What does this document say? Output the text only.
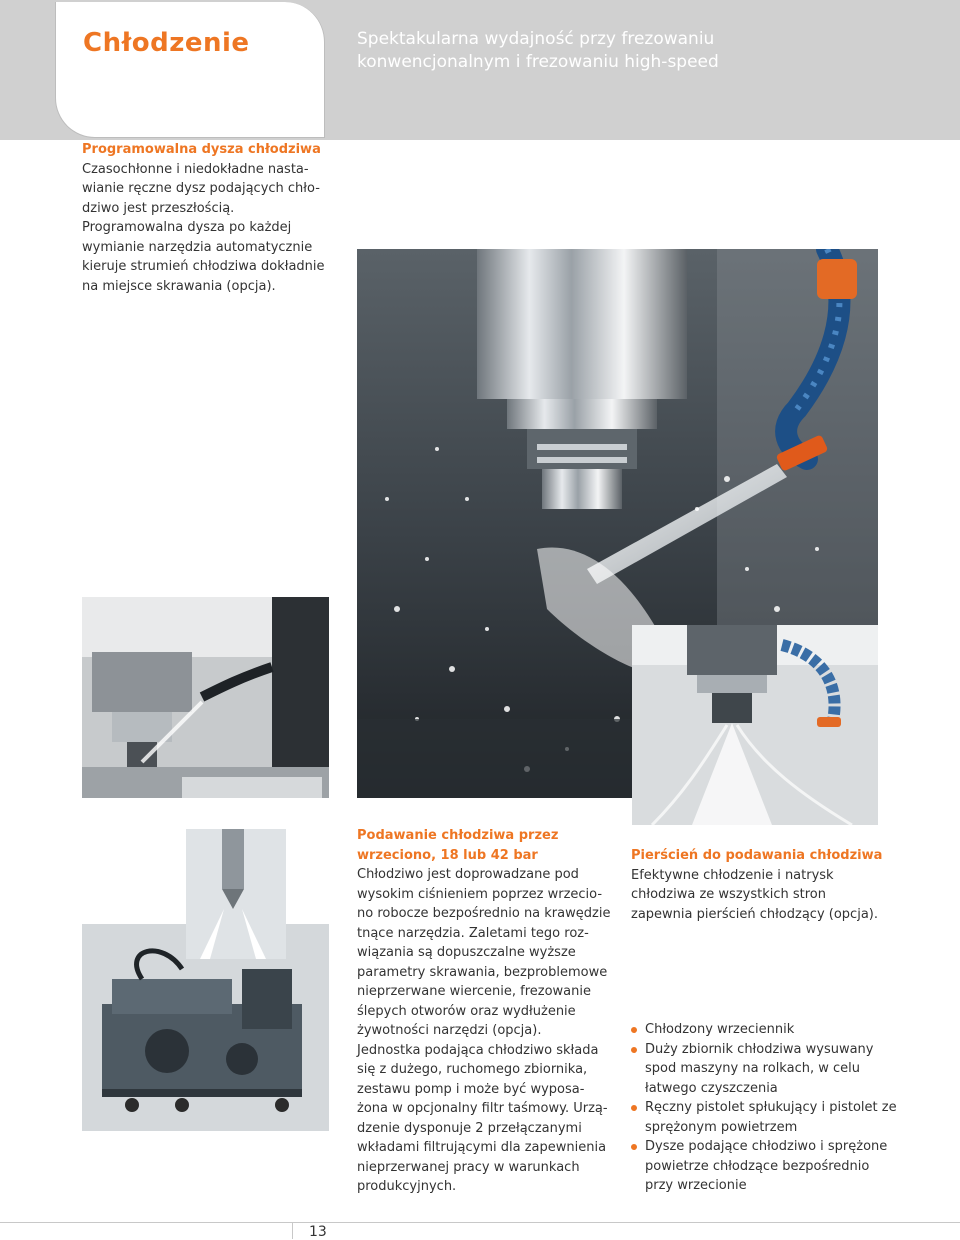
Chłodzenie	Spektakularna wydajność przy frezowaniu
konwencjonalnym i frezowaniu high-speed
Programowalna dysza chłodziwa
Czasochłonne i niedokładne nasta-
wianie ręczne dysz podających chło-
dziwo jest przeszłością.
Programowalna dysza po każdej
wymianie narzędzia automatycznie
kieruje strumień chłodziwa dokładnie
na miejsce skrawania (opcja).
Podawanie chłodziwa przez
wrzeciono, 18 lub 42 bar
Chłodziwo jest doprowadzane pod
wysokim ciśnieniem poprzez wrzecio-
no robocze bezpośrednio na krawędzie
tnące narzędzia. Zaletami tego roz-
wiązania są dopuszczalne wyższe
parametry skrawania, bezproblemowe
nieprzerwane wiercenie, frezowanie
ślepych otworów oraz wydłużenie
żywotności narzędzi (opcja).
Jednostka podająca chłodziwo składa
się z dużego, ruchomego zbiornika,
zestawu pomp i może być wyposa-
żona w opcjonalny filtr taśmowy. Urzą-
dzenie dysponuje 2 przełączanymi
wkładami filtrującymi dla zapewnienia
nieprzerwanej pracy w warunkach
produkcyjnych.
Pierścień do podawania chłodziwa
Efektywne chłodzenie i natrysk
chłodziwa ze wszystkich stron
zapewnia pierścień chłodzący (opcja).
Chłodzony wrzeciennik
Duży zbiornik chłodziwa wysuwany
spod maszyny na rolkach, w celu
łatwego czyszczenia
Ręczny pistolet spłukujący i pistolet ze
sprężonym powietrzem
Dysze podające chłodziwo i sprężone
powietrze chłodzące bezpośrednio
przy wrzecionie
13
